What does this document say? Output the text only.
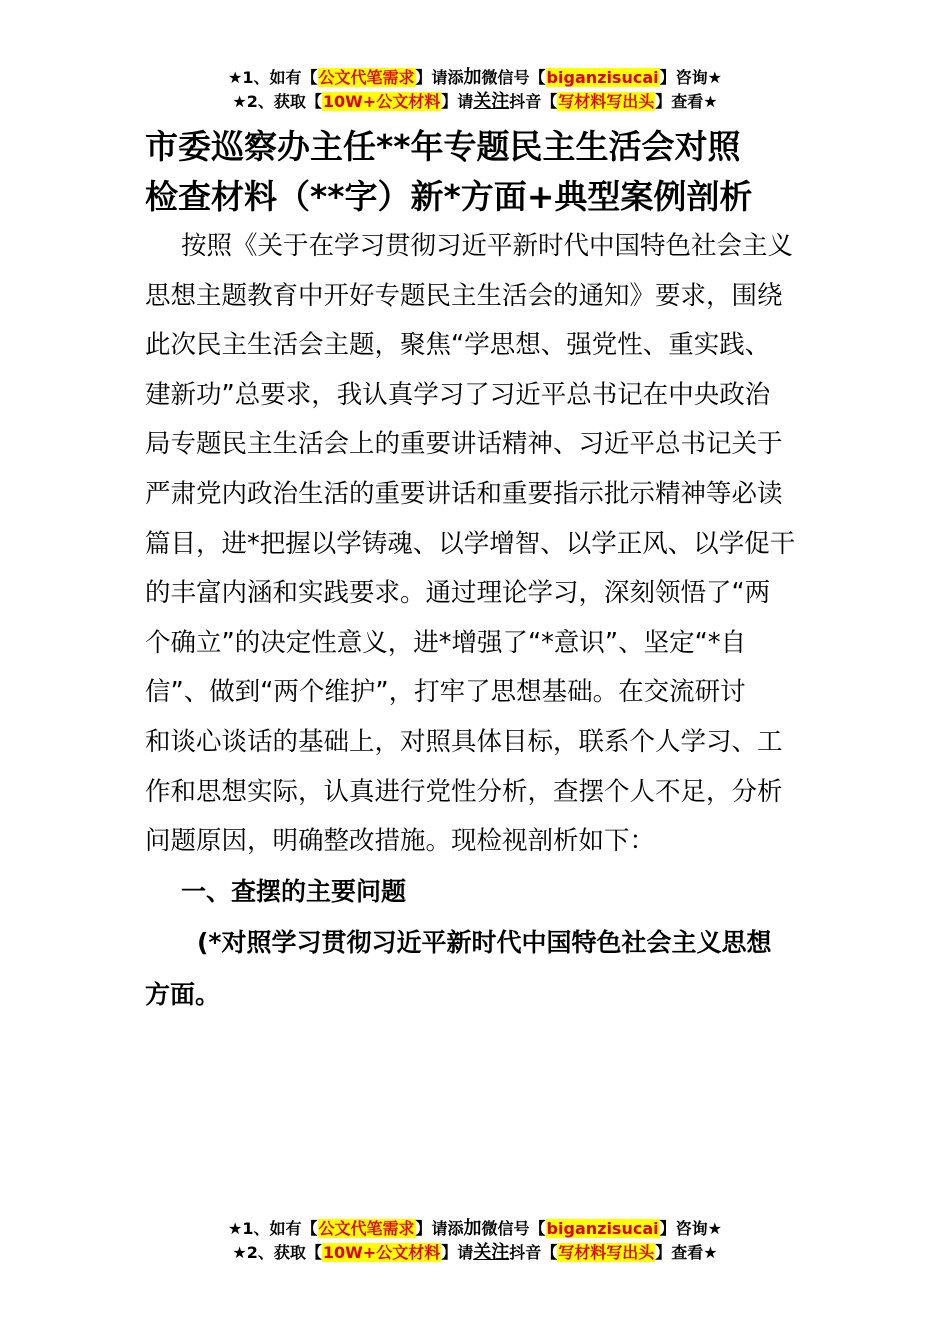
★1、如有【公文代笔需求】请添加微信号【biganzisucai】咨询★
★2、获取【10W+公文材料】请关注抖音【写材料写出头】查看★
市委巡察办主任**年专题民主生活会对照
检查材料（**字）新*方面+典型案例剖析
按照《关于在学习贯彻习近平新时代中国特色社会主义
思想主题教育中开好专题民主生活会的通知》要求，围绕
此次民主生活会主题，聚焦“学思想、强党性、重实践、
建新功”总要求，我认真学习了习近平总书记在中央政治
局专题民主生活会上的重要讲话精神、习近平总书记关于
严肃党内政治生活的重要讲话和重要指示批示精神等必读
篇目，进*把握以学铸魂、以学增智、以学正风、以学促干
的丰富内涵和实践要求。通过理论学习，深刻领悟了“两
个确立”的决定性意义，进*增强了“*意识”、坚定“*自
信”、做到“两个维护”，打牢了思想基础。在交流研讨
和谈心谈话的基础上，对照具体目标，联系个人学习、工
作和思想实际，认真进行党性分析，查摆个人不足，分析
问题原因，明确整改措施。现检视剖析如下：
一、查摆的主要问题
(*对照学习贯彻习近平新时代中国特色社会主义思想
方面。
★1、如有【公文代笔需求】请添加微信号【biganzisucai】咨询★
★2、获取【10W+公文材料】请关注抖音【写材料写出头】查看★
